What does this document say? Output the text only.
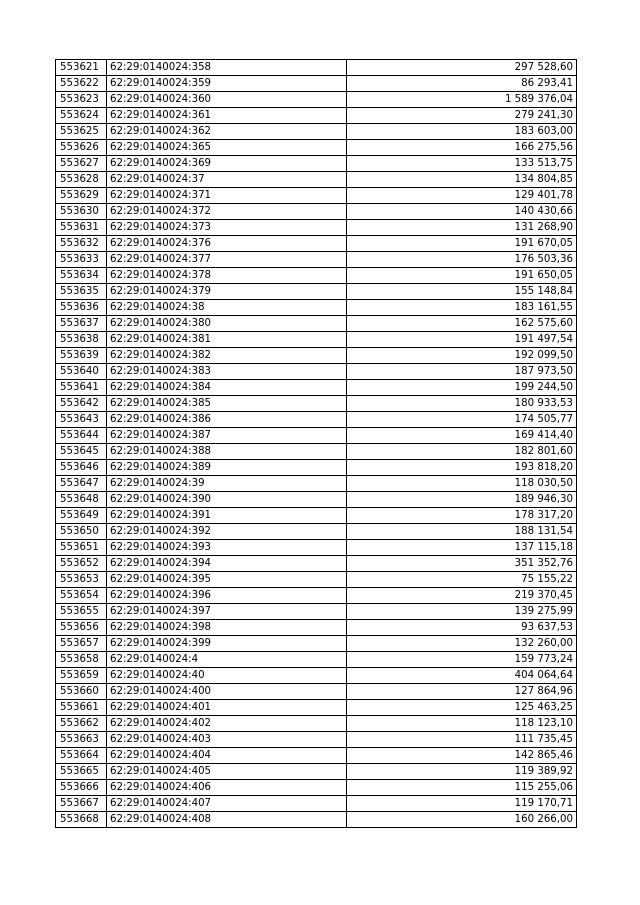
553621	62:29:0140024:358	297 528,60
553622	62:29:0140024:359	86 293,41
553623	62:29:0140024:360	1 589 376,04
553624	62:29:0140024:361	279 241,30
553625	62:29:0140024:362	183 603,00
553626	62:29:0140024:365	166 275,56
553627	62:29:0140024:369	133 513,75
553628	62:29:0140024:37	134 804,85
553629	62:29:0140024:371	129 401,78
553630	62:29:0140024:372	140 430,66
553631	62:29:0140024:373	131 268,90
553632	62:29:0140024:376	191 670,05
553633	62:29:0140024:377	176 503,36
553634	62:29:0140024:378	191 650,05
553635	62:29:0140024:379	155 148,84
553636	62:29:0140024:38	183 161,55
553637	62:29:0140024:380	162 575,60
553638	62:29:0140024:381	191 497,54
553639	62:29:0140024:382	192 099,50
553640	62:29:0140024:383	187 973,50
553641	62:29:0140024:384	199 244,50
553642	62:29:0140024:385	180 933,53
553643	62:29:0140024:386	174 505,77
553644	62:29:0140024:387	169 414,40
553645	62:29:0140024:388	182 801,60
553646	62:29:0140024:389	193 818,20
553647	62:29:0140024:39	118 030,50
553648	62:29:0140024:390	189 946,30
553649	62:29:0140024:391	178 317,20
553650	62:29:0140024:392	188 131,54
553651	62:29:0140024:393	137 115,18
553652	62:29:0140024:394	351 352,76
553653	62:29:0140024:395	75 155,22
553654	62:29:0140024:396	219 370,45
553655	62:29:0140024:397	139 275,99
553656	62:29:0140024:398	93 637,53
553657	62:29:0140024:399	132 260,00
553658	62:29:0140024:4	159 773,24
553659	62:29:0140024:40	404 064,64
553660	62:29:0140024:400	127 864,96
553661	62:29:0140024:401	125 463,25
553662	62:29:0140024:402	118 123,10
553663	62:29:0140024:403	111 735,45
553664	62:29:0140024:404	142 865,46
553665	62:29:0140024:405	119 389,92
553666	62:29:0140024:406	115 255,06
553667	62:29:0140024:407	119 170,71
553668	62:29:0140024:408	160 266,00
